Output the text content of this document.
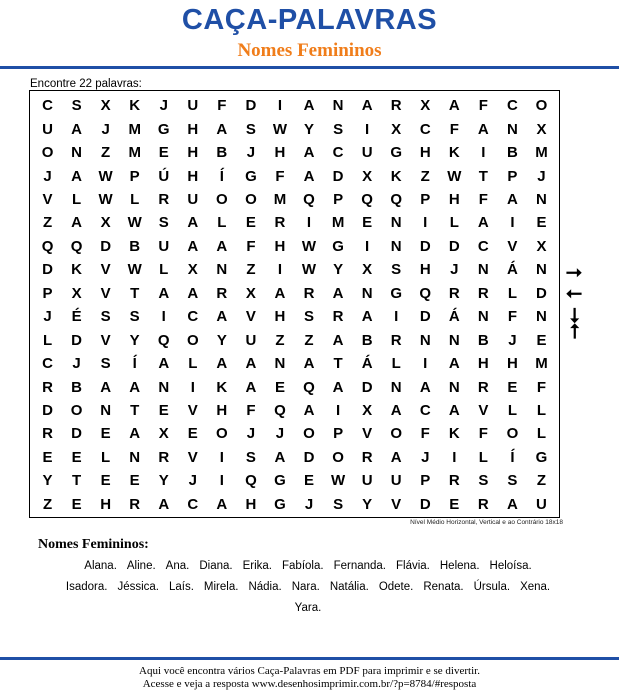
CAÇA-PALAVRAS
Nomes Femininos
Encontre 22 palavras:
C	S	X	K	J	U	F	D	I	A	N	A	R	X	A	F	C	O
U	A	J	M	G	H	A	S	W	Y	S	I	X	C	F	A	N	X
O	N	Z	M	E	H	B	J	H	A	C	U	G	H	K	I	B	M
J	A	W	P	Ú	H	Í	G	F	A	D	X	K	Z	W	T	P	J
V	L	W	L	R	U	O	O	M	Q	P	Q	Q	P	H	F	A	N
Z	A	X	W	S	A	L	E	R	I	M	E	N	I	L	A	I	E
Q	Q	D	B	U	A	A	F	H	W	G	I	N	D	D	C	V	X
D	K	V	W	L	X	N	Z	I	W	Y	X	S	H	J	N	Á	N
P	X	V	T	A	A	R	X	A	R	A	N	G	Q	R	R	L	D
J	É	S	S	I	C	A	V	H	S	R	A	I	D	Á	N	F	N
L	D	V	Y	Q	O	Y	U	Z	Z	A	B	R	N	N	B	J	E
C	J	S	Í	A	L	A	A	N	A	T	Á	L	I	A	H	H	M
R	B	A	A	N	I	K	A	E	Q	A	D	N	A	N	R	E	F
D	O	N	T	E	V	H	F	Q	A	I	X	A	C	A	V	L	L
R	D	E	A	X	E	O	J	J	O	P	V	O	F	K	F	O	L
E	E	L	N	R	V	I	S	A	D	O	R	A	J	I	L	Í	G
Y	T	E	E	Y	J	I	Q	G	E	W	U	U	P	R	S	S	Z
Z	E	H	R	A	C	A	H	G	J	S	Y	V	D	E	R	A	U
Nível Médio Horizontal, Vertical e ao Contrário 18x18
⭢
⭠
⭣
⭡
Nomes Femininos:
Alana. Aline. Ana. Diana. Erika. Fabíola. Fernanda. Flávia. Helena. Heloísa.
Isadora. Jéssica. Laís. Mirela. Nádia. Nara. Natália. Odete. Renata. Úrsula. Xena.
Yara.
Aqui você encontra vários Caça-Palavras em PDF para imprimir e se divertir.
Acesse e veja a resposta www.desenhosimprimir.com.br/?p=8784/#resposta
